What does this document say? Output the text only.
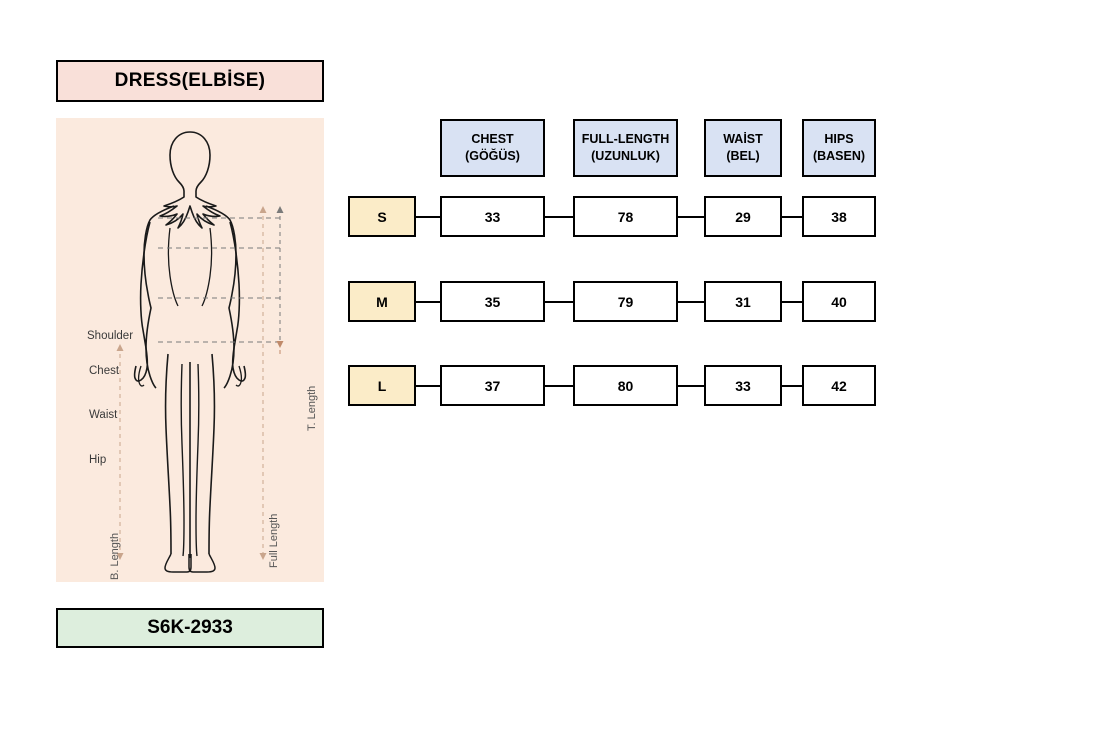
DRESS(ELBİSE)
Shoulder
Chest
Waist
Hip
T. Length
Full Length
B. Length
S6K-2933
CHEST
(GÖĞÜS)
FULL-LENGTH
(UZUNLUK)
WAİST
(BEL)
HIPS
(BASEN)
S	33	78	29	38
M	35	79	31	40
L	37	80	33	42
